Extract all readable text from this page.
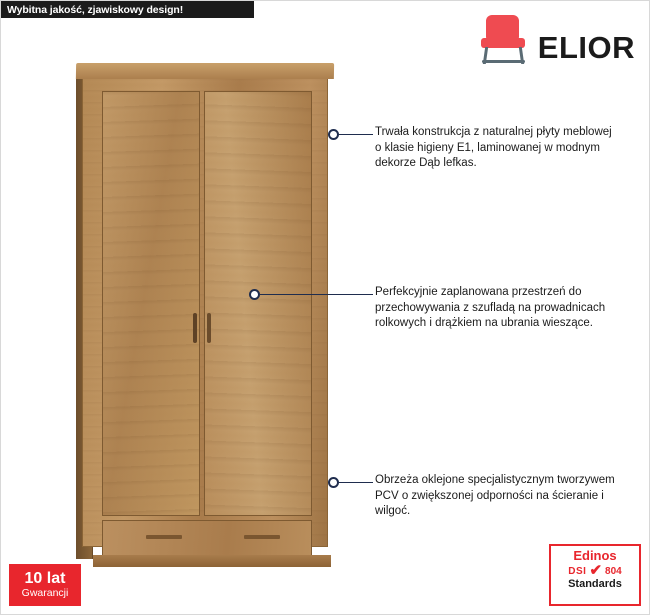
Wybitna jakość, zjawiskowy design!
ELIOR
Trwała konstrukcja z naturalnej płyty meblowej o klasie higieny E1, laminowanej w modnym dekorze Dąb lefkas.
Perfekcyjnie zaplanowana przestrzeń do przechowywania z szufladą na prowadnicach rolkowych i drążkiem na ubrania wieszące.
Obrzeża oklejone specjalistycznym tworzywem PCV o zwiększonej odporności na ścieranie i wilgoć.
10 lat
Gwarancji
Edinos
DSI ✔ 804
Standards
